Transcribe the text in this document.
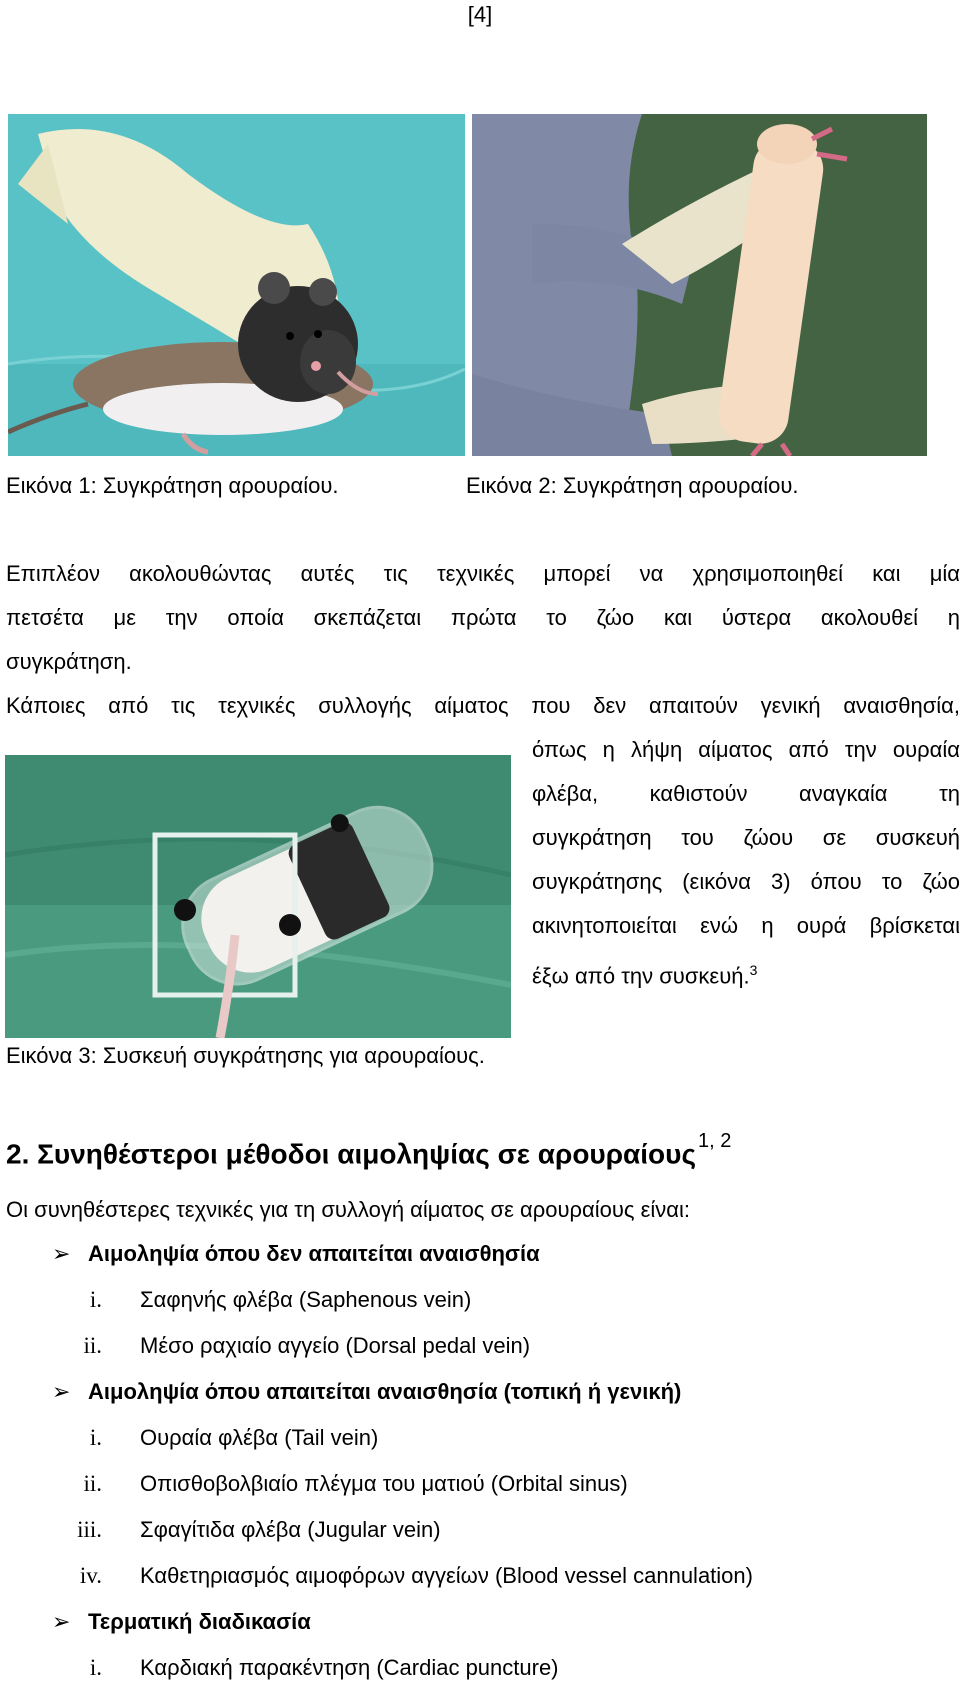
[4]
Εικόνα 1: Συγκράτηση αρουραίου.	Εικόνα 2: Συγκράτηση αρουραίου.
Επιπλέον ακολουθώντας αυτές τις τεχνικές μπορεί να χρησιμοποιηθεί και μία
πετσέτα με την οποία σκεπάζεται πρώτα το ζώο και ύστερα ακολουθεί η
συγκράτηση.
Κάποιες από τις τεχνικές συλλογής αίματος που δεν απαιτούν γενική αναισθησία,
όπως η λήψη αίματος από την ουραία
φλέβα, καθιστούν αναγκαία τη
συγκράτηση του ζώου σε συσκευή
συγκράτησης (εικόνα 3) όπου το ζώο
ακινητοποιείται ενώ η ουρά βρίσκεται
έξω από την συσκευή.$^3$
Εικόνα 3: Συσκευή συγκράτησης για αρουραίους.
2. Συνηθέστεροι μέθοδοι αιμοληψίας σε αρουραίους $^{1, 2}$
Οι συνηθέστερες τεχνικές για τη συλλογή αίματος σε αρουραίους είναι:
➢ Αιμοληψία όπου δεν απαιτείται αναισθησία
i. Σαφηνής φλέβα (Saphenous vein)
ii. Μέσο ραχιαίο αγγείο (Dorsal pedal vein)
➢ Αιμοληψία όπου απαιτείται αναισθησία (τοπική ή γενική)
i. Ουραία φλέβα (Tail vein)
ii. Οπισθοβολβιαίο πλέγμα του ματιού (Orbital sinus)
iii. Σφαγίτιδα φλέβα (Jugular vein)
iv. Καθετηριασμός αιμοφόρων αγγείων (Blood vessel cannulation)
➢ Τερματική διαδικασία
i. Καρδιακή παρακέντηση (Cardiac puncture)
